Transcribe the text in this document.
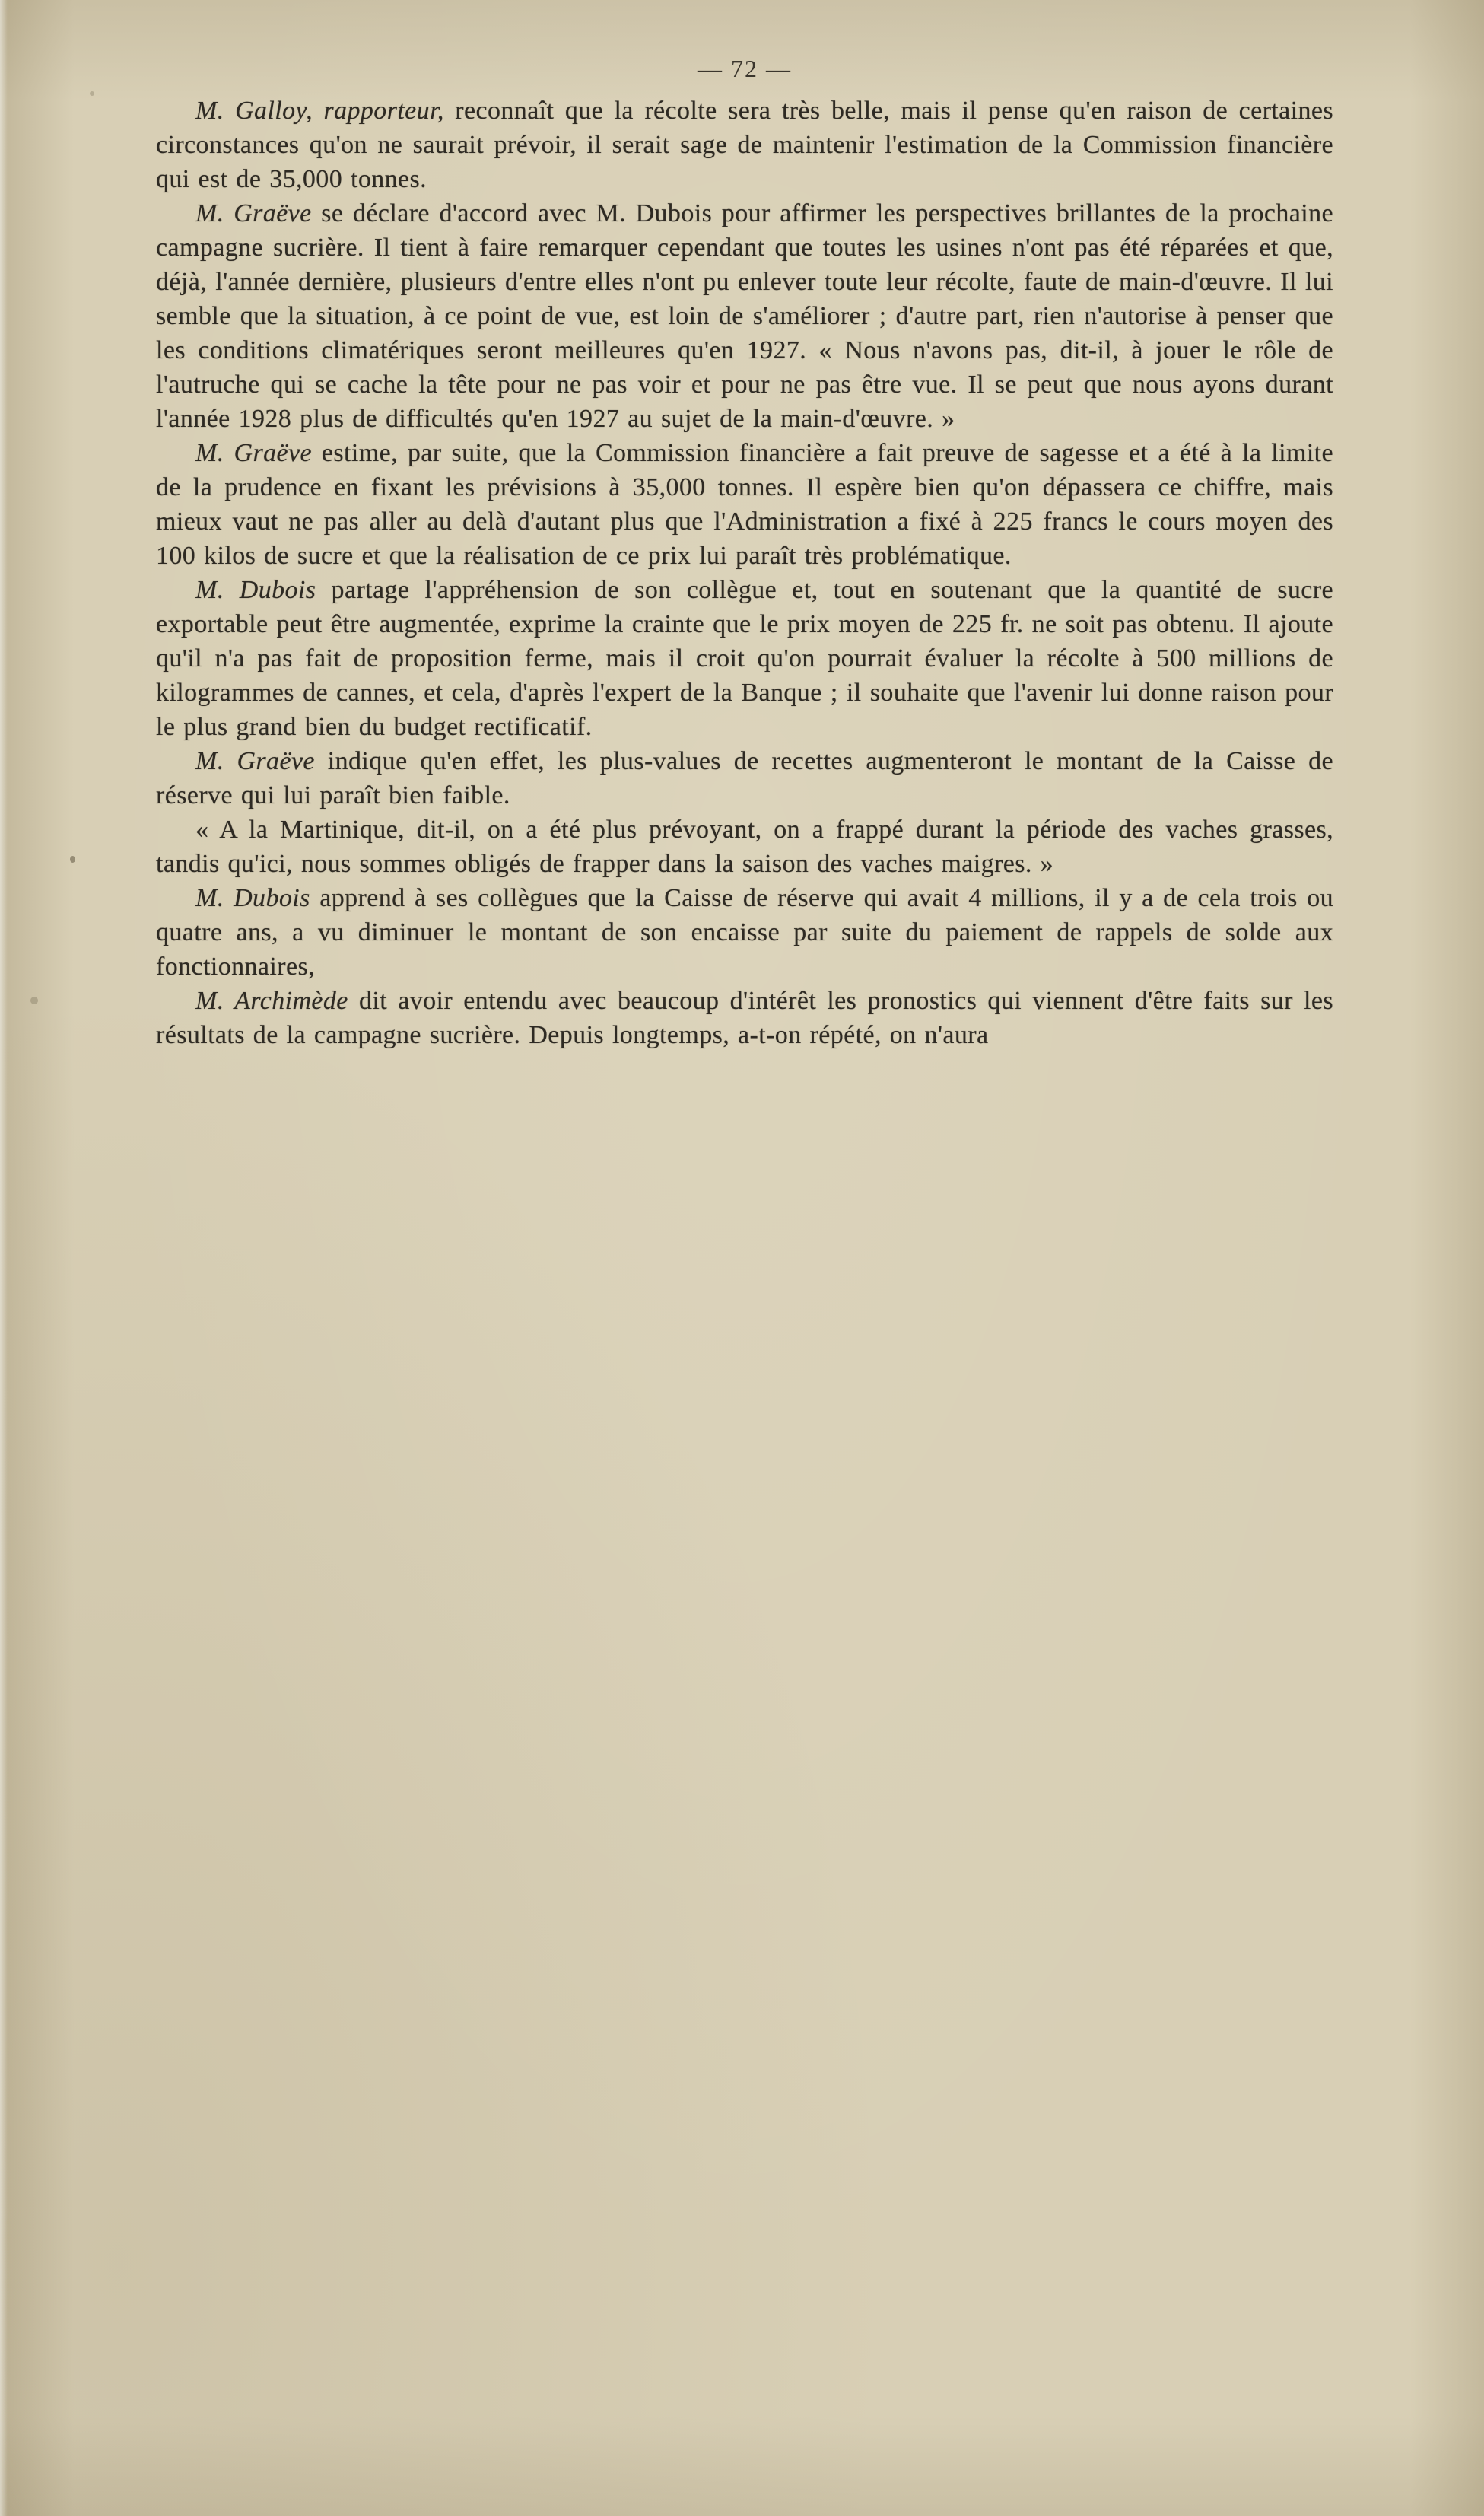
— 72 —

M. Galloy, rapporteur, reconnaît que la récolte sera très belle, mais il pense qu'en raison de certaines circonstances qu'on ne saurait prévoir, il serait sage de maintenir l'estimation de la Commission financière qui est de 35,000 tonnes.

M. Graëve se déclare d'accord avec M. Dubois pour affirmer les perspectives brillantes de la prochaine campagne sucrière. Il tient à faire remarquer cependant que toutes les usines n'ont pas été réparées et que, déjà, l'année dernière, plusieurs d'entre elles n'ont pu enlever toute leur récolte, faute de main-d'œuvre. Il lui semble que la situation, à ce point de vue, est loin de s'améliorer ; d'autre part, rien n'autorise à penser que les conditions climatériques seront meilleures qu'en 1927. « Nous n'avons pas, dit-il, à jouer le rôle de l'autruche qui se cache la tête pour ne pas voir et pour ne pas être vue. Il se peut que nous ayons durant l'année 1928 plus de difficultés qu'en 1927 au sujet de la main-d'œuvre. »

M. Graëve estime, par suite, que la Commission financière a fait preuve de sagesse et a été à la limite de la prudence en fixant les prévisions à 35,000 tonnes. Il espère bien qu'on dépassera ce chiffre, mais mieux vaut ne pas aller au delà d'autant plus que l'Administration a fixé à 225 francs le cours moyen des 100 kilos de sucre et que la réalisation de ce prix lui paraît très problématique.

M. Dubois partage l'appréhension de son collègue et, tout en soutenant que la quantité de sucre exportable peut être augmentée, exprime la crainte que le prix moyen de 225 fr. ne soit pas obtenu. Il ajoute qu'il n'a pas fait de proposition ferme, mais il croit qu'on pourrait évaluer la récolte à 500 millions de kilogrammes de cannes, et cela, d'après l'expert de la Banque ; il souhaite que l'avenir lui donne raison pour le plus grand bien du budget rectificatif.

M. Graëve indique qu'en effet, les plus-values de recettes augmenteront le montant de la Caisse de réserve qui lui paraît bien faible.

« A la Martinique, dit-il, on a été plus prévoyant, on a frappé durant la période des vaches grasses, tandis qu'ici, nous sommes obligés de frapper dans la saison des vaches maigres. »

M. Dubois apprend à ses collègues que la Caisse de réserve qui avait 4 millions, il y a de cela trois ou quatre ans, a vu diminuer le montant de son encaisse par suite du paiement de rappels de solde aux fonctionnaires,

M. Archimède dit avoir entendu avec beaucoup d'intérêt les pronostics qui viennent d'être faits sur les résultats de la campagne sucrière. Depuis longtemps, a-t-on répété, on n'aura
